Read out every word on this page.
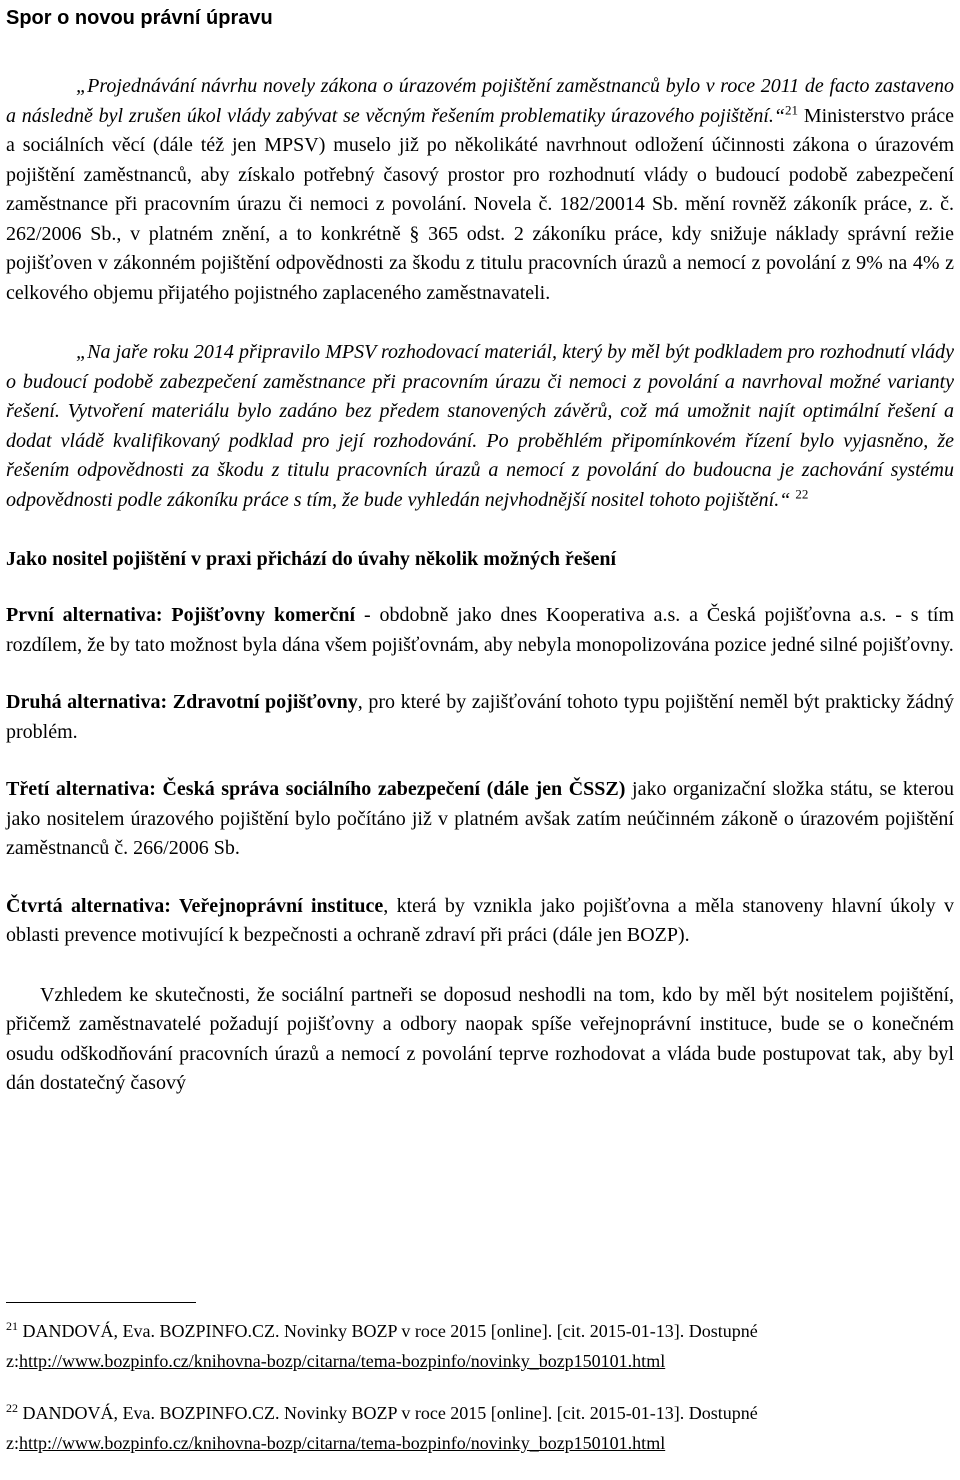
Spor o novou právní úpravu

„Projednávání návrhu novely zákona o úrazovém pojištění zaměstnanců bylo v roce 2011 de facto zastaveno a následně byl zrušen úkol vlády zabývat se věcným řešením problematiky úrazového pojištění.“$^{21}$ Ministerstvo práce a sociálních věcí (dále též jen MPSV) muselo již po několikáté navrhnout odložení účinnosti zákona o úrazovém pojištění zaměstnanců, aby získalo potřebný časový prostor pro rozhodnutí vlády o budoucí podobě zabezpečení zaměstnance při pracovním úrazu či nemoci z povolání. Novela č. 182/20014 Sb. mění rovněž zákoník práce, z. č. 262/2006 Sb., v platném znění, a to konkrétně § 365 odst. 2 zákoníku práce, kdy snižuje náklady správní režie pojišťoven v zákonném pojištění odpovědnosti za škodu z titulu pracovních úrazů a nemocí z povolání z 9% na 4% z celkového objemu přijatého pojistného zaplaceného zaměstnavateli.

„Na jaře roku 2014 připravilo MPSV rozhodovací materiál, který by měl být podkladem pro rozhodnutí vlády o budoucí podobě zabezpečení zaměstnance při pracovním úrazu či nemoci z povolání a navrhoval možné varianty řešení. Vytvoření materiálu bylo zadáno bez předem stanovených závěrů, což má umožnit najít optimální řešení a dodat vládě kvalifikovaný podklad pro její rozhodování. Po proběhlém připomínkovém řízení bylo vyjasněno, že řešením odpovědnosti za škodu z titulu pracovních úrazů a nemocí z povolání do budoucna je zachování systému odpovědnosti podle zákoníku práce s tím, že bude vyhledán nejvhodnější nositel tohoto pojištění.“ $^{22}$

Jako nositel pojištění v praxi přichází do úvahy několik možných řešení

První alternativa: Pojišťovny komerční - obdobně jako dnes Kooperativa a.s. a Česká pojišťovna a.s. - s tím rozdílem, že by tato možnost byla dána všem pojišťovnám, aby nebyla monopolizována pozice jedné silné pojišťovny.

Druhá alternativa: Zdravotní pojišťovny, pro které by zajišťování tohoto typu pojištění neměl být prakticky žádný problém.

Třetí alternativa: Česká správa sociálního zabezpečení (dále jen ČSSZ) jako organizační složka státu, se kterou jako nositelem úrazového pojištění bylo počítáno již v platném avšak zatím neúčinném zákoně o úrazovém pojištění zaměstnanců č. 266/2006 Sb.

Čtvrtá alternativa: Veřejnoprávní instituce, která by vznikla jako pojišťovna a měla stanoveny hlavní úkoly v oblasti prevence motivující k bezpečnosti a ochraně zdraví při práci (dále jen BOZP).

Vzhledem ke skutečnosti, že sociální partneři se doposud neshodli na tom, kdo by měl být nositelem pojištění, přičemž zaměstnavatelé požadují pojišťovny a odbory naopak spíše veřejnoprávní instituce, bude se o konečném osudu odškodňování pracovních úrazů a nemocí z povolání teprve rozhodovat a vláda bude postupovat tak, aby byl dán dostatečný časový

$^{21}$ DANDOVÁ, Eva. BOZPINFO.CZ. Novinky BOZP v roce 2015 [online]. [cit. 2015-01-13]. Dostupné z:http://www.bozpinfo.cz/knihovna-bozp/citarna/tema-bozpinfo/novinky_bozp150101.html
$^{22}$ DANDOVÁ, Eva. BOZPINFO.CZ. Novinky BOZP v roce 2015 [online]. [cit. 2015-01-13]. Dostupné z:http://www.bozpinfo.cz/knihovna-bozp/citarna/tema-bozpinfo/novinky_bozp150101.html
